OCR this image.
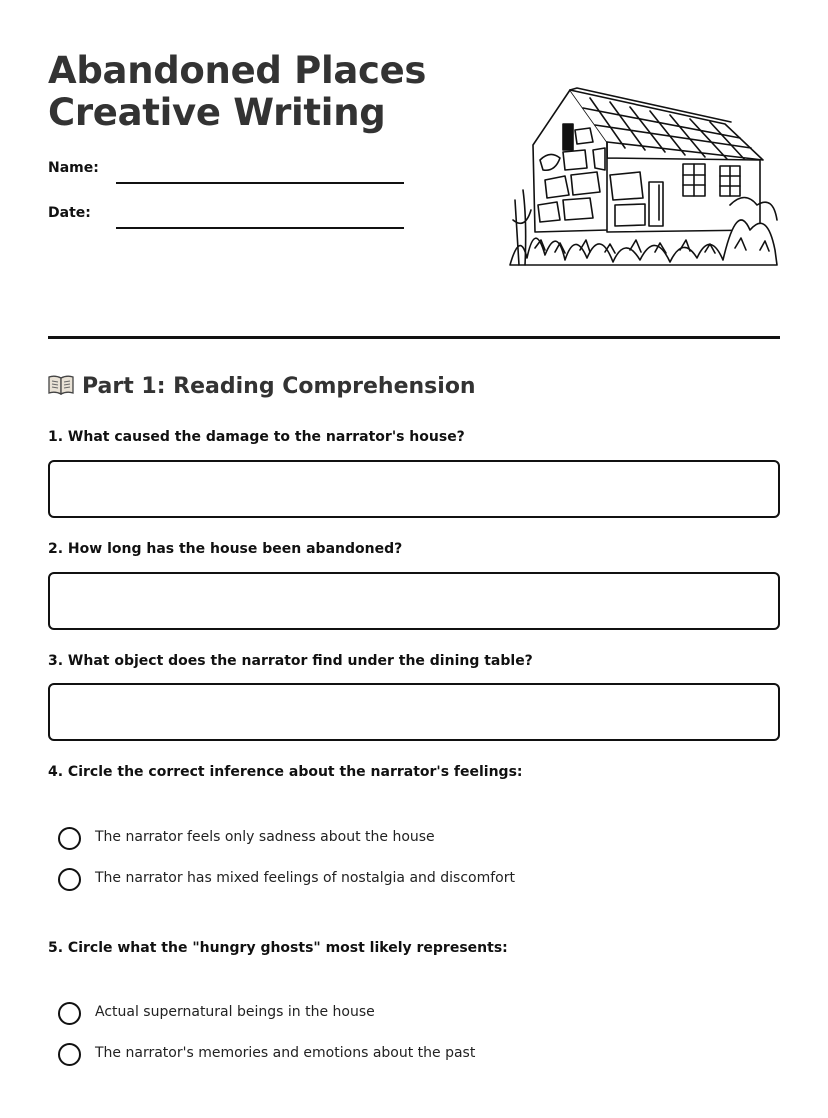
Abandoned Places
Creative Writing
Name:
Date:
Part 1: Reading Comprehension

1. What caused the damage to the narrator's house?

2. How long has the house been abandoned?

3. What object does the narrator find under the dining table?

4. Circle the correct inference about the narrator's feelings:

The narrator feels only sadness about the house
The narrator has mixed feelings of nostalgia and discomfort

5. Circle what the "hungry ghosts" most likely represents:

Actual supernatural beings in the house
The narrator's memories and emotions about the past
